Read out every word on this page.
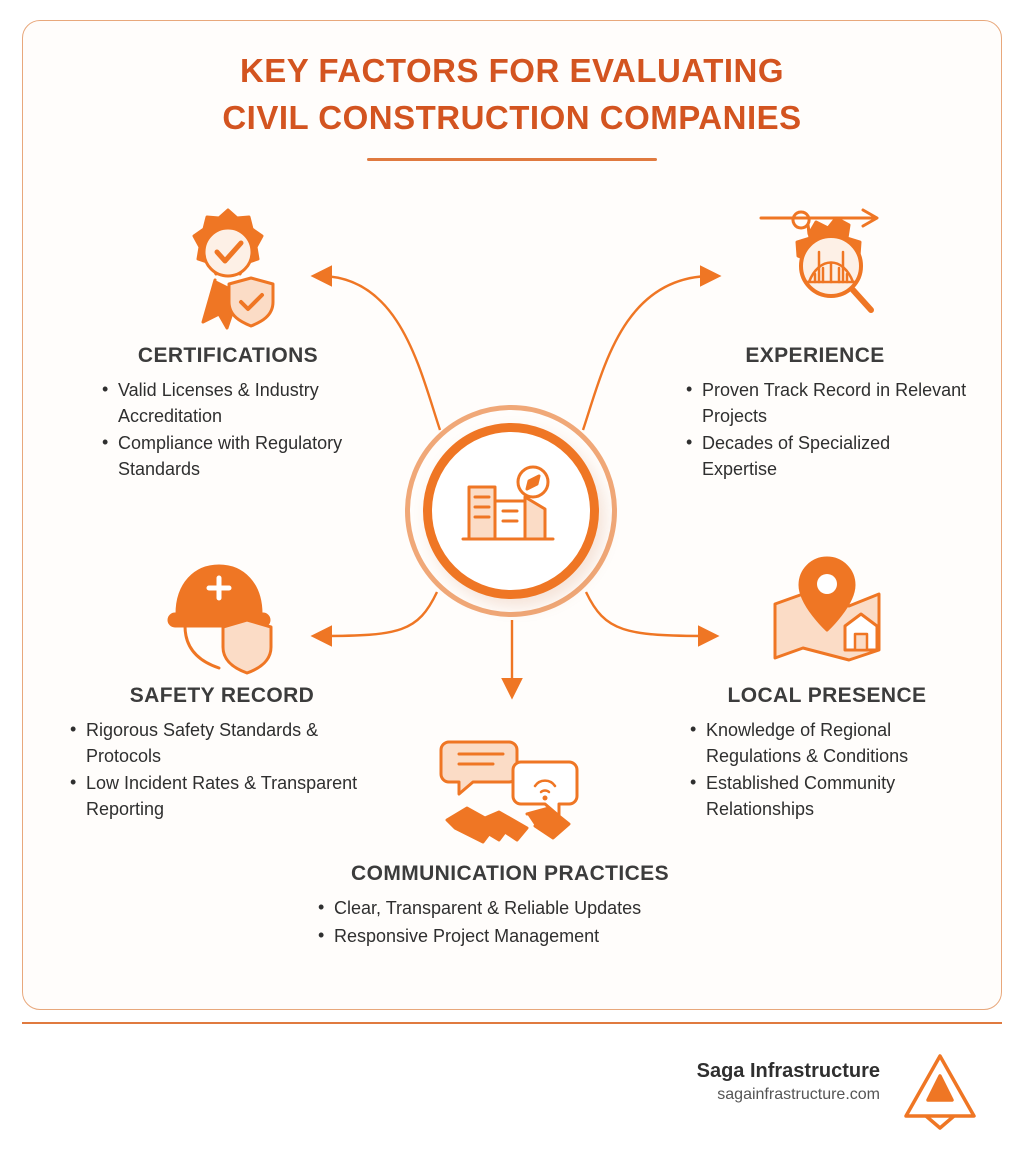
KEY FACTORS FOR EVALUATING
CIVIL CONSTRUCTION COMPANIES
CERTIFICATIONS
• Valid Licenses & Industry Accreditation
• Compliance with Regulatory Standards
EXPERIENCE
• Proven Track Record in Relevant Projects
• Decades of Specialized Expertise
SAFETY RECORD
• Rigorous Safety Standards & Protocols
• Low Incident Rates & Transparent Reporting
LOCAL PRESENCE
• Knowledge of Regional Regulations & Conditions
• Established Community Relationships
COMMUNICATION PRACTICES
• Clear, Transparent & Reliable Updates
• Responsive Project Management
Saga Infrastructure
sagainfrastructure.com
